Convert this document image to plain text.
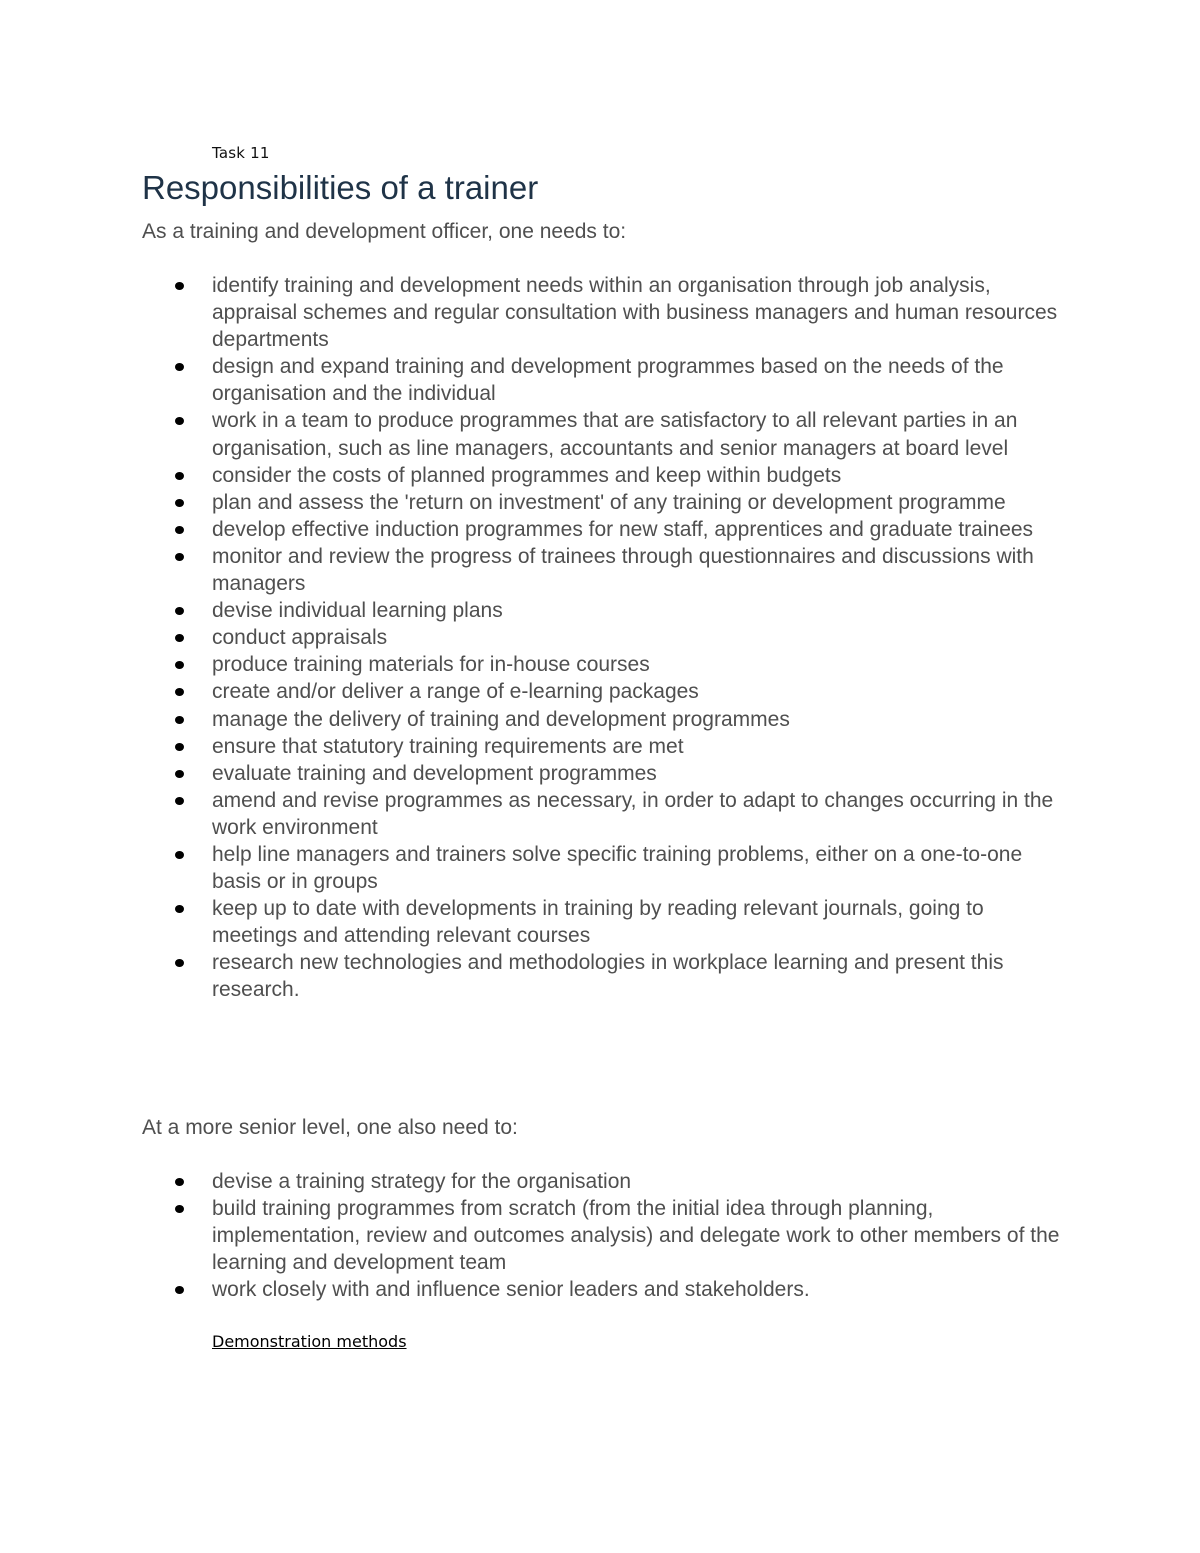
Task 11
Responsibilities of a trainer

As a training and development officer, one needs to:

identify training and development needs within an organisation through job analysis, appraisal schemes and regular consultation with business managers and human resources departments
design and expand training and development programmes based on the needs of the organisation and the individual
work in a team to produce programmes that are satisfactory to all relevant parties in an organisation, such as line managers, accountants and senior managers at board level
consider the costs of planned programmes and keep within budgets
plan and assess the 'return on investment' of any training or development programme
develop effective induction programmes for new staff, apprentices and graduate trainees
monitor and review the progress of trainees through questionnaires and discussions with managers
devise individual learning plans
conduct appraisals
produce training materials for in-house courses
create and/or deliver a range of e-learning packages
manage the delivery of training and development programmes
ensure that statutory training requirements are met
evaluate training and development programmes
amend and revise programmes as necessary, in order to adapt to changes occurring in the work environment
help line managers and trainers solve specific training problems, either on a one-to-one basis or in groups
keep up to date with developments in training by reading relevant journals, going to meetings and attending relevant courses
research new technologies and methodologies in workplace learning and present this research.

At a more senior level, one also need to:

devise a training strategy for the organisation
build training programmes from scratch (from the initial idea through planning, implementation, review and outcomes analysis) and delegate work to other members of the learning and development team
work closely with and influence senior leaders and stakeholders.
Demonstration methods
